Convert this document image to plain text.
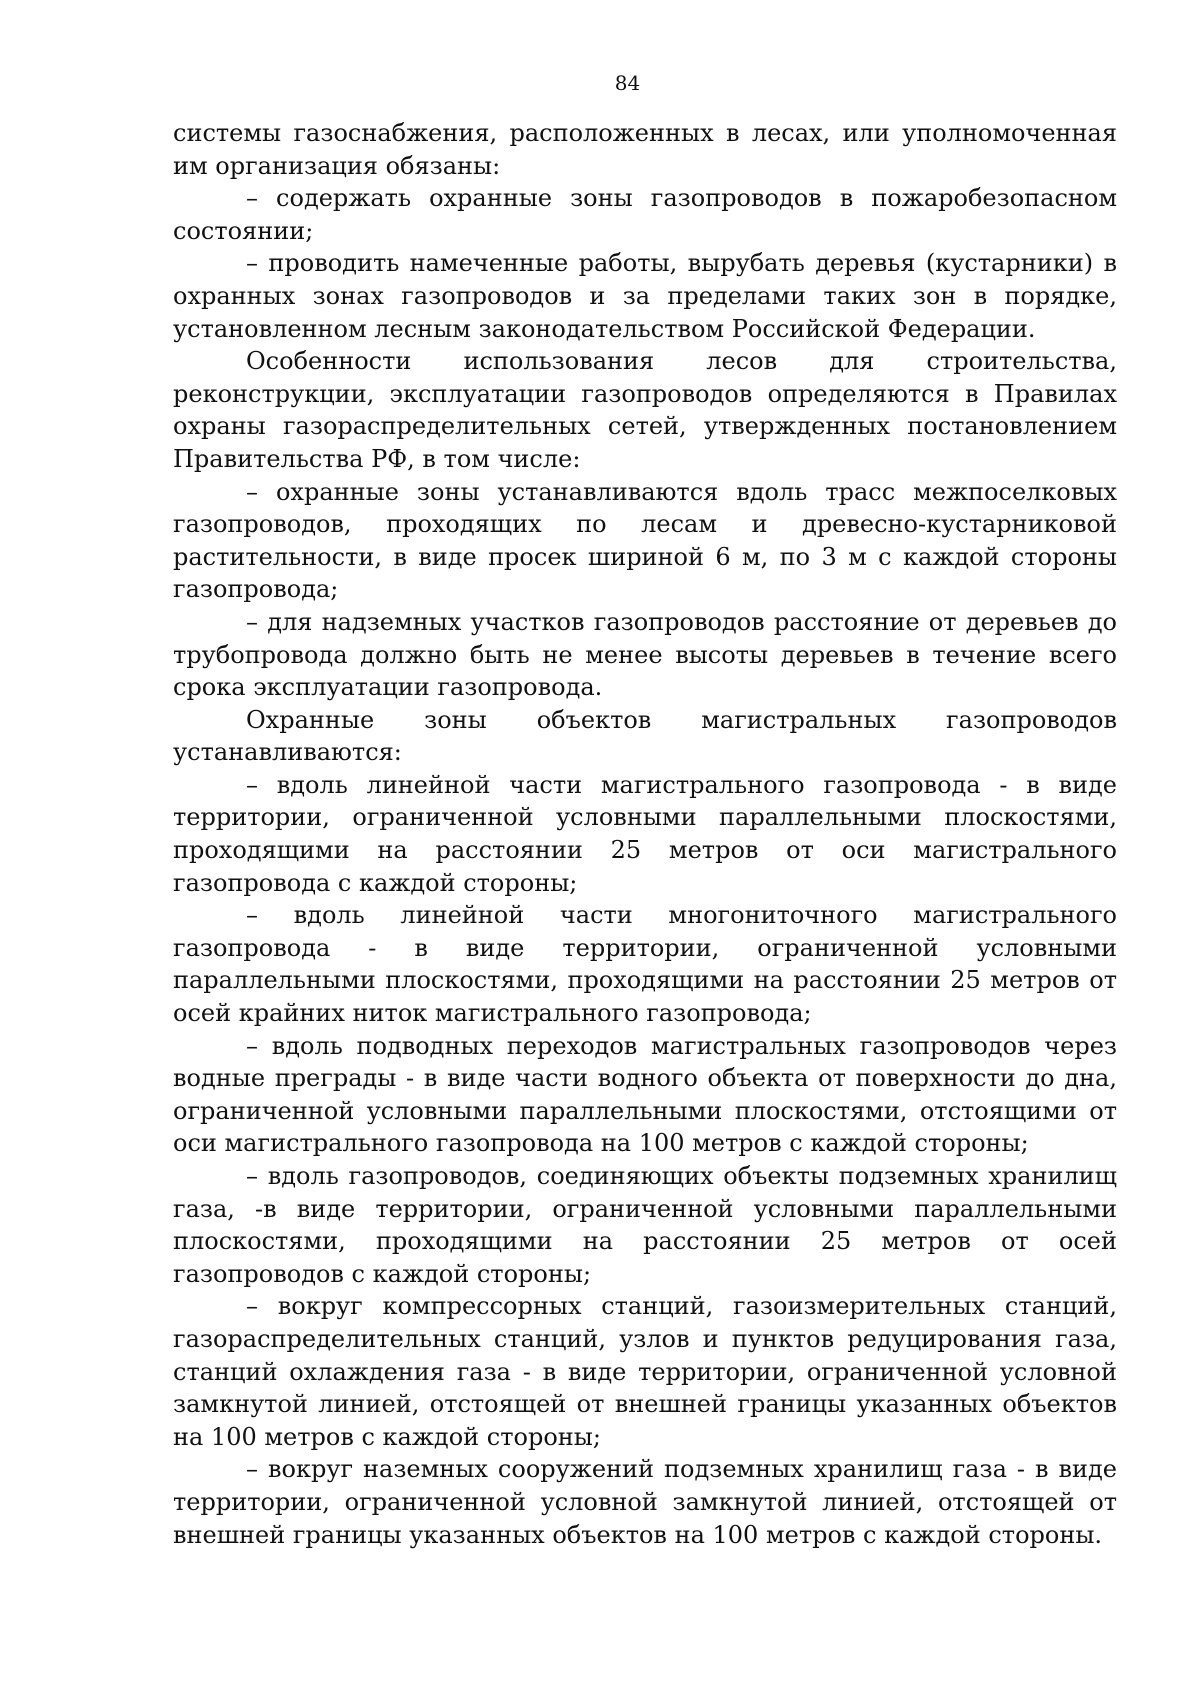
84

системы газоснабжения, расположенных в лесах, или уполномоченная им организация обязаны:

– содержать охранные зоны газопроводов в пожаробезопасном состоянии;

– проводить намеченные работы, вырубать деревья (кустарники) в охранных зонах газопроводов и за пределами таких зон в порядке, установленном лесным законодательством Российской Федерации.

Особенности использования лесов для строительства, реконструкции, эксплуатации газопроводов определяются в Правилах охраны газораспределительных сетей, утвержденных постановлением Правительства РФ, в том числе:

– охранные зоны устанавливаются вдоль трасс межпоселковых газопроводов, проходящих по лесам и древесно-кустарниковой растительности, в виде просек шириной 6 м, по 3 м с каждой стороны газопровода;

– для надземных участков газопроводов расстояние от деревьев до трубопровода должно быть не менее высоты деревьев в течение всего срока эксплуатации газопровода.

Охранные зоны объектов магистральных газопроводов устанавливаются:

– вдоль линейной части магистрального газопровода - в виде территории, ограниченной условными параллельными плоскостями, проходящими на расстоянии 25 метров от оси магистрального газопровода с каждой стороны;

– вдоль линейной части многониточного магистрального газопровода - в виде территории, ограниченной условными параллельными плоскостями, проходящими на расстоянии 25 метров от осей крайних ниток магистрального газопровода;

– вдоль подводных переходов магистральных газопроводов через водные преграды - в виде части водного объекта от поверхности до дна, ограниченной условными параллельными плоскостями, отстоящими от оси магистрального газопровода на 100 метров с каждой стороны;

– вдоль газопроводов, соединяющих объекты подземных хранилищ газа, -в виде территории, ограниченной условными параллельными плоскостями, проходящими на расстоянии 25 метров от осей газопроводов с каждой стороны;

– вокруг компрессорных станций, газоизмерительных станций, газораспределительных станций, узлов и пунктов редуцирования газа, станций охлаждения газа - в виде территории, ограниченной условной замкнутой линией, отстоящей от внешней границы указанных объектов на 100 метров с каждой стороны;

– вокруг наземных сооружений подземных хранилищ газа - в виде территории, ограниченной условной замкнутой линией, отстоящей от внешней границы указанных объектов на 100 метров с каждой стороны.
